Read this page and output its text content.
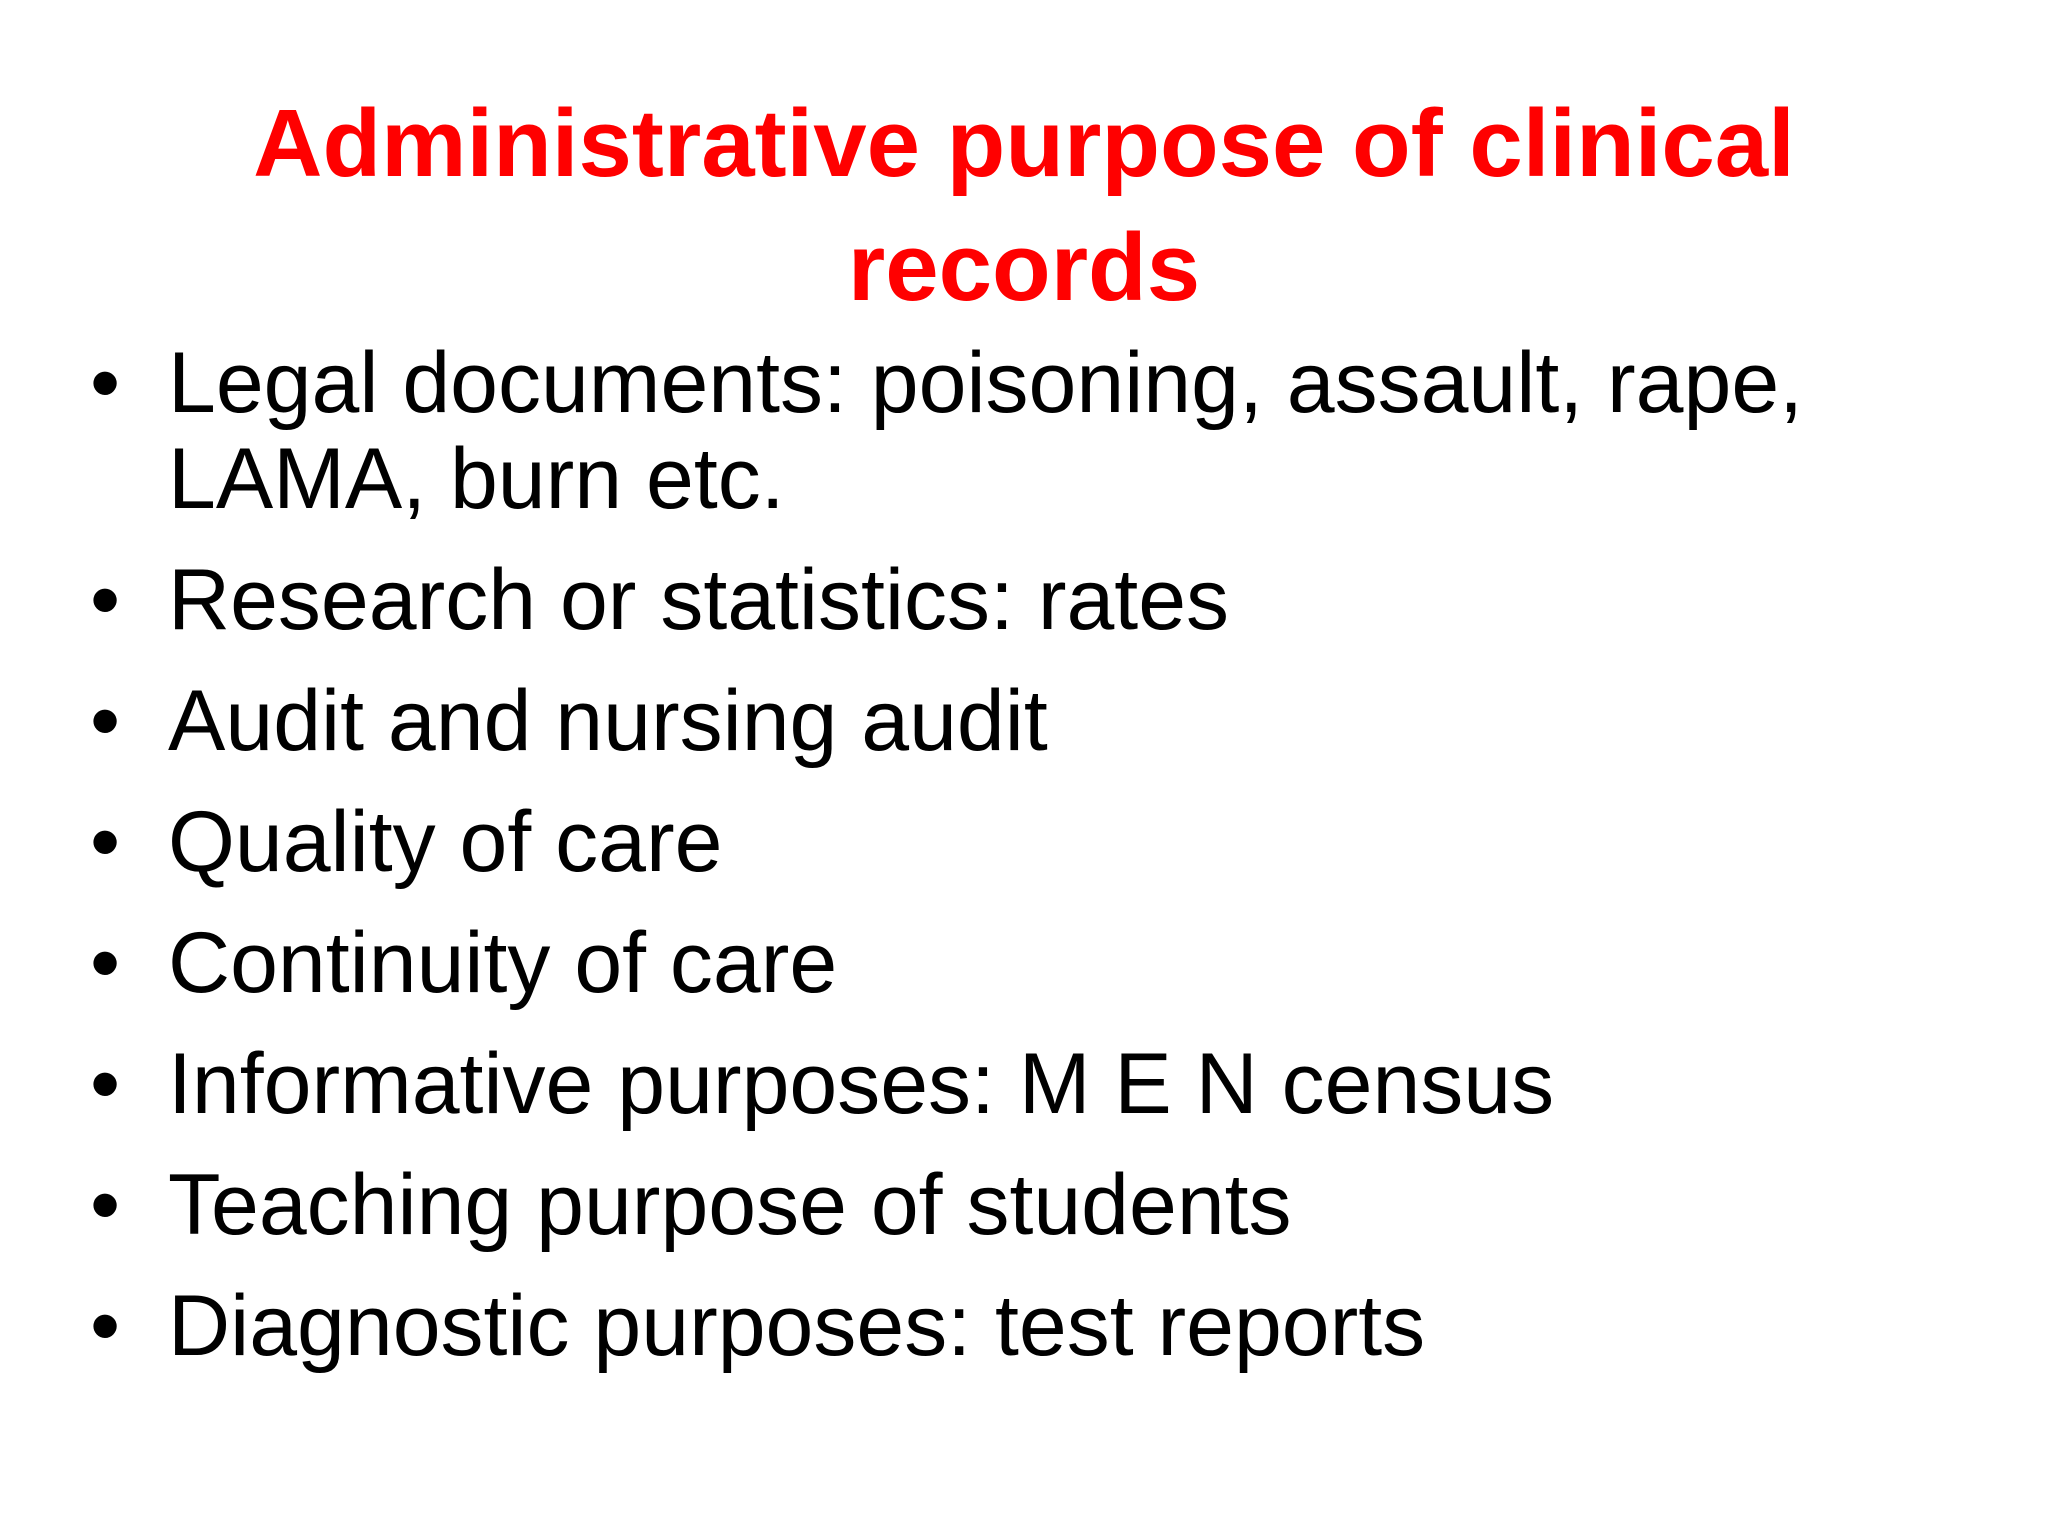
Administrative purpose of clinical records
• Legal documents: poisoning, assault, rape, LAMA, burn etc.
• Research or statistics: rates
• Audit and nursing audit
• Quality of care
• Continuity of care
• Informative purposes: M E N census
• Teaching purpose of students
• Diagnostic purposes: test reports
